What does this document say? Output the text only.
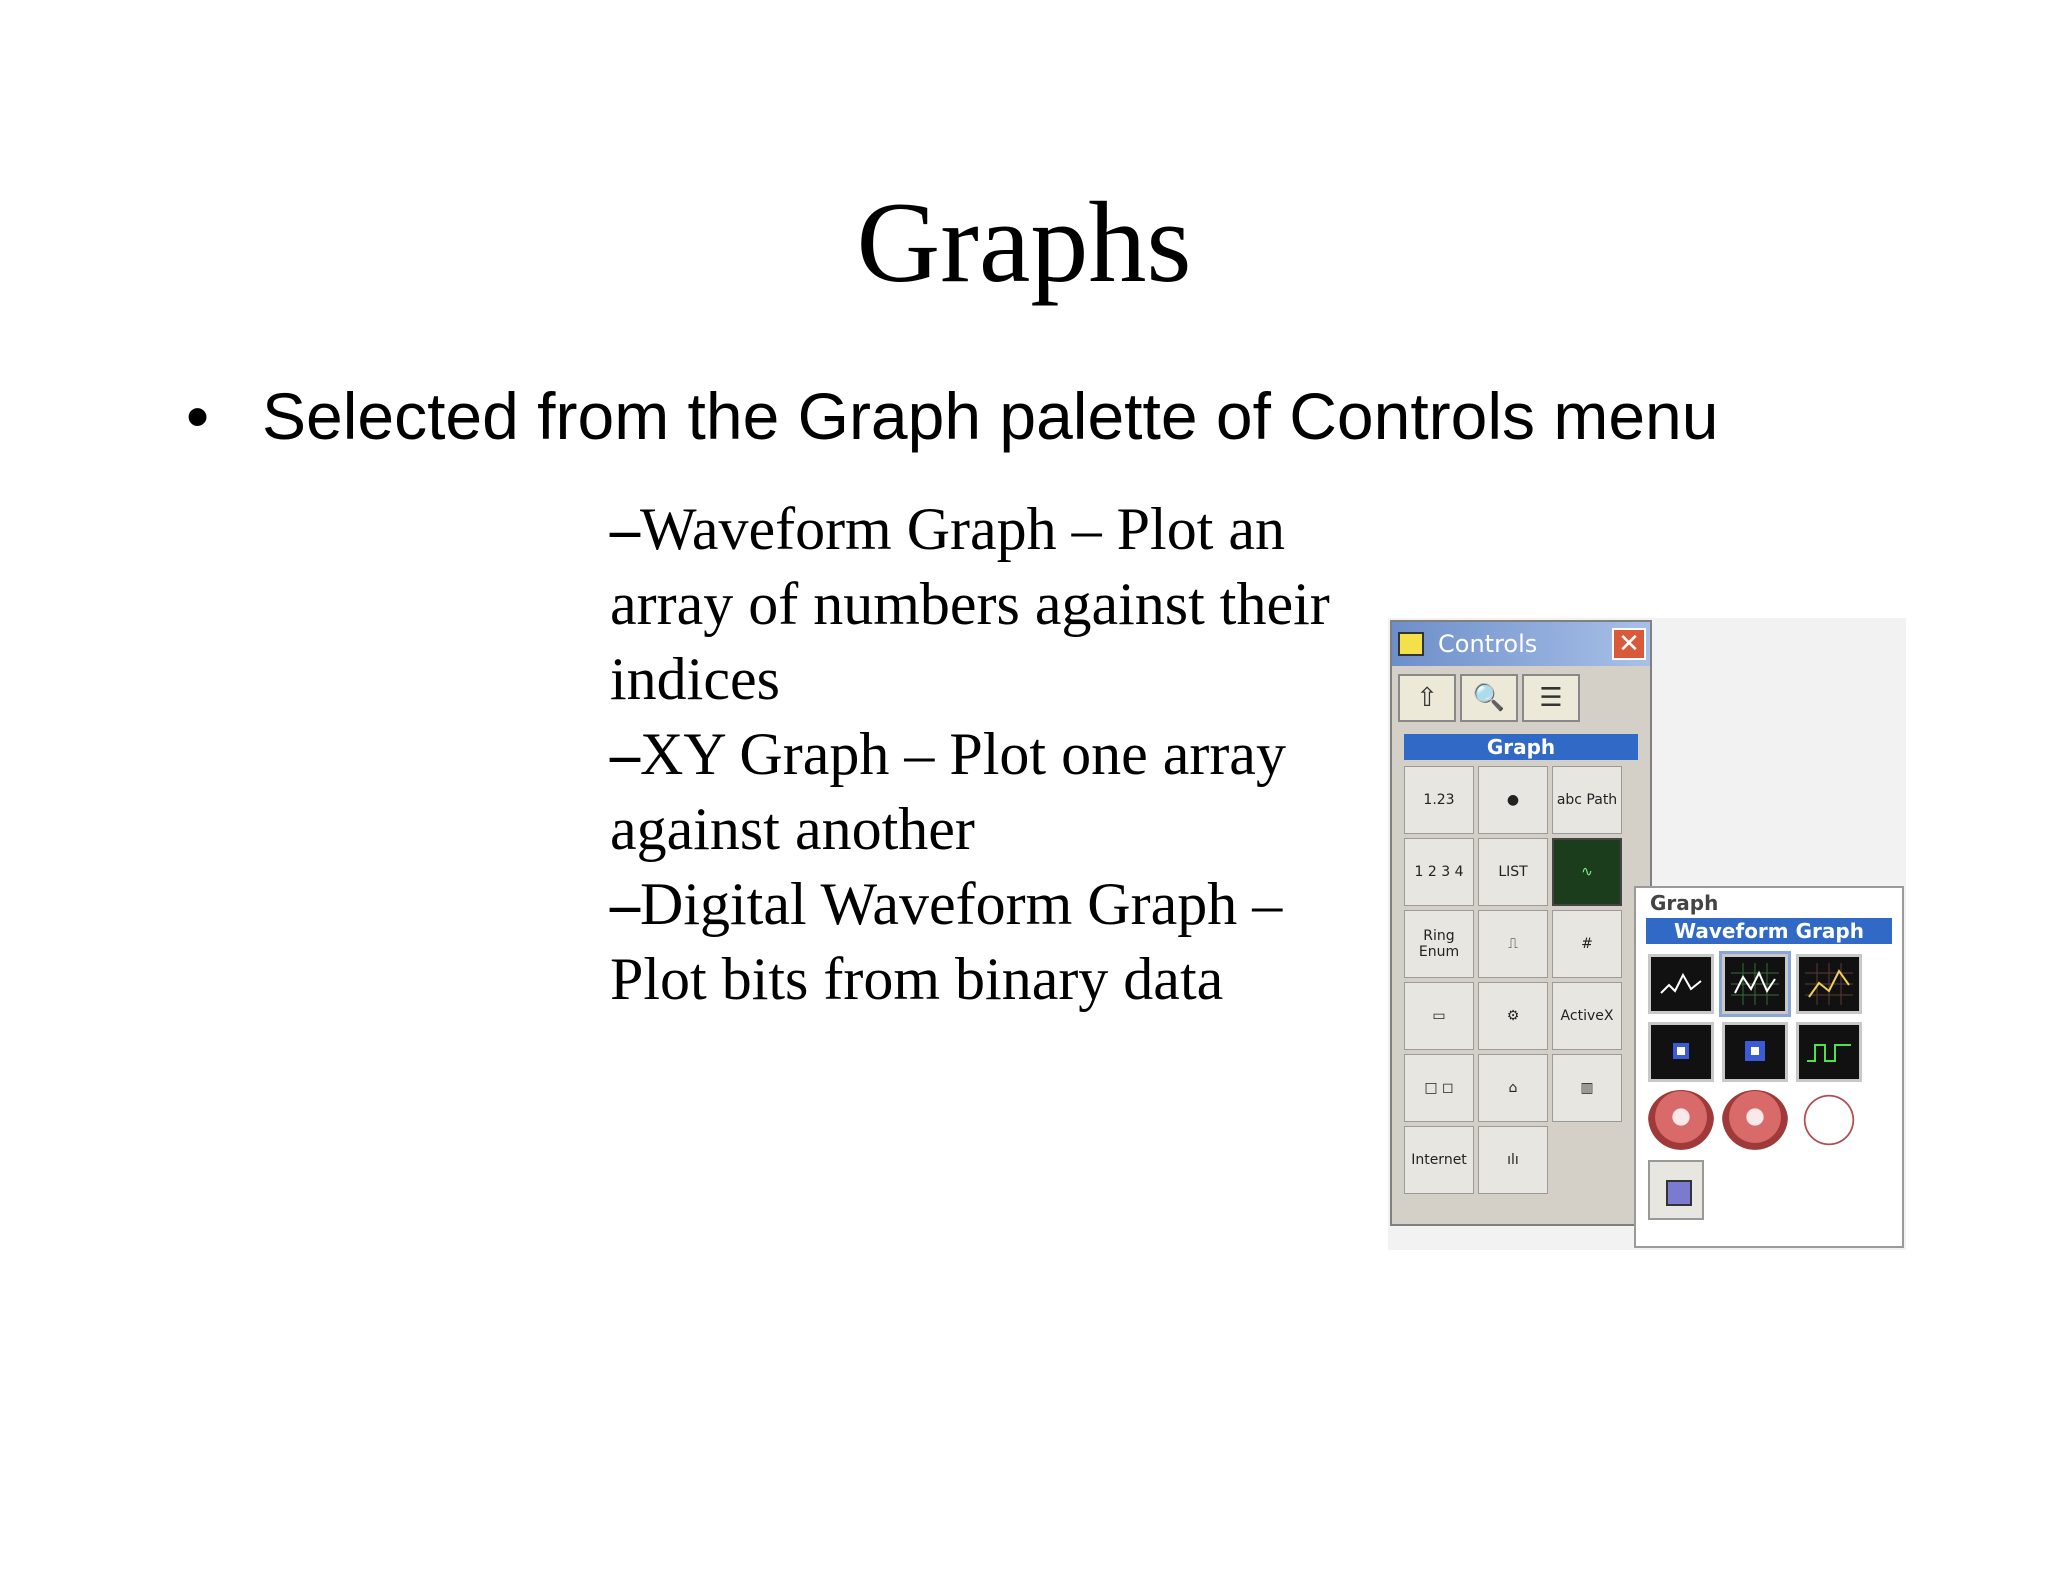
Graphs
• Selected from the Graph palette of Controls menu

–Waveform Graph – Plot an array of numbers against their indices

–XY Graph – Plot one array against another

–Digital Waveform Graph – Plot bits from binary data

Controls	✕
⇧	🔍	☰
Graph
1.23	●	abc Path
1 2 3 4	LIST	∿
Ring Enum	⎍	#
▭	⚙	ActiveX
□ ◻	⌂	▥
Internet	ılı
Graph
Waveform Graph
